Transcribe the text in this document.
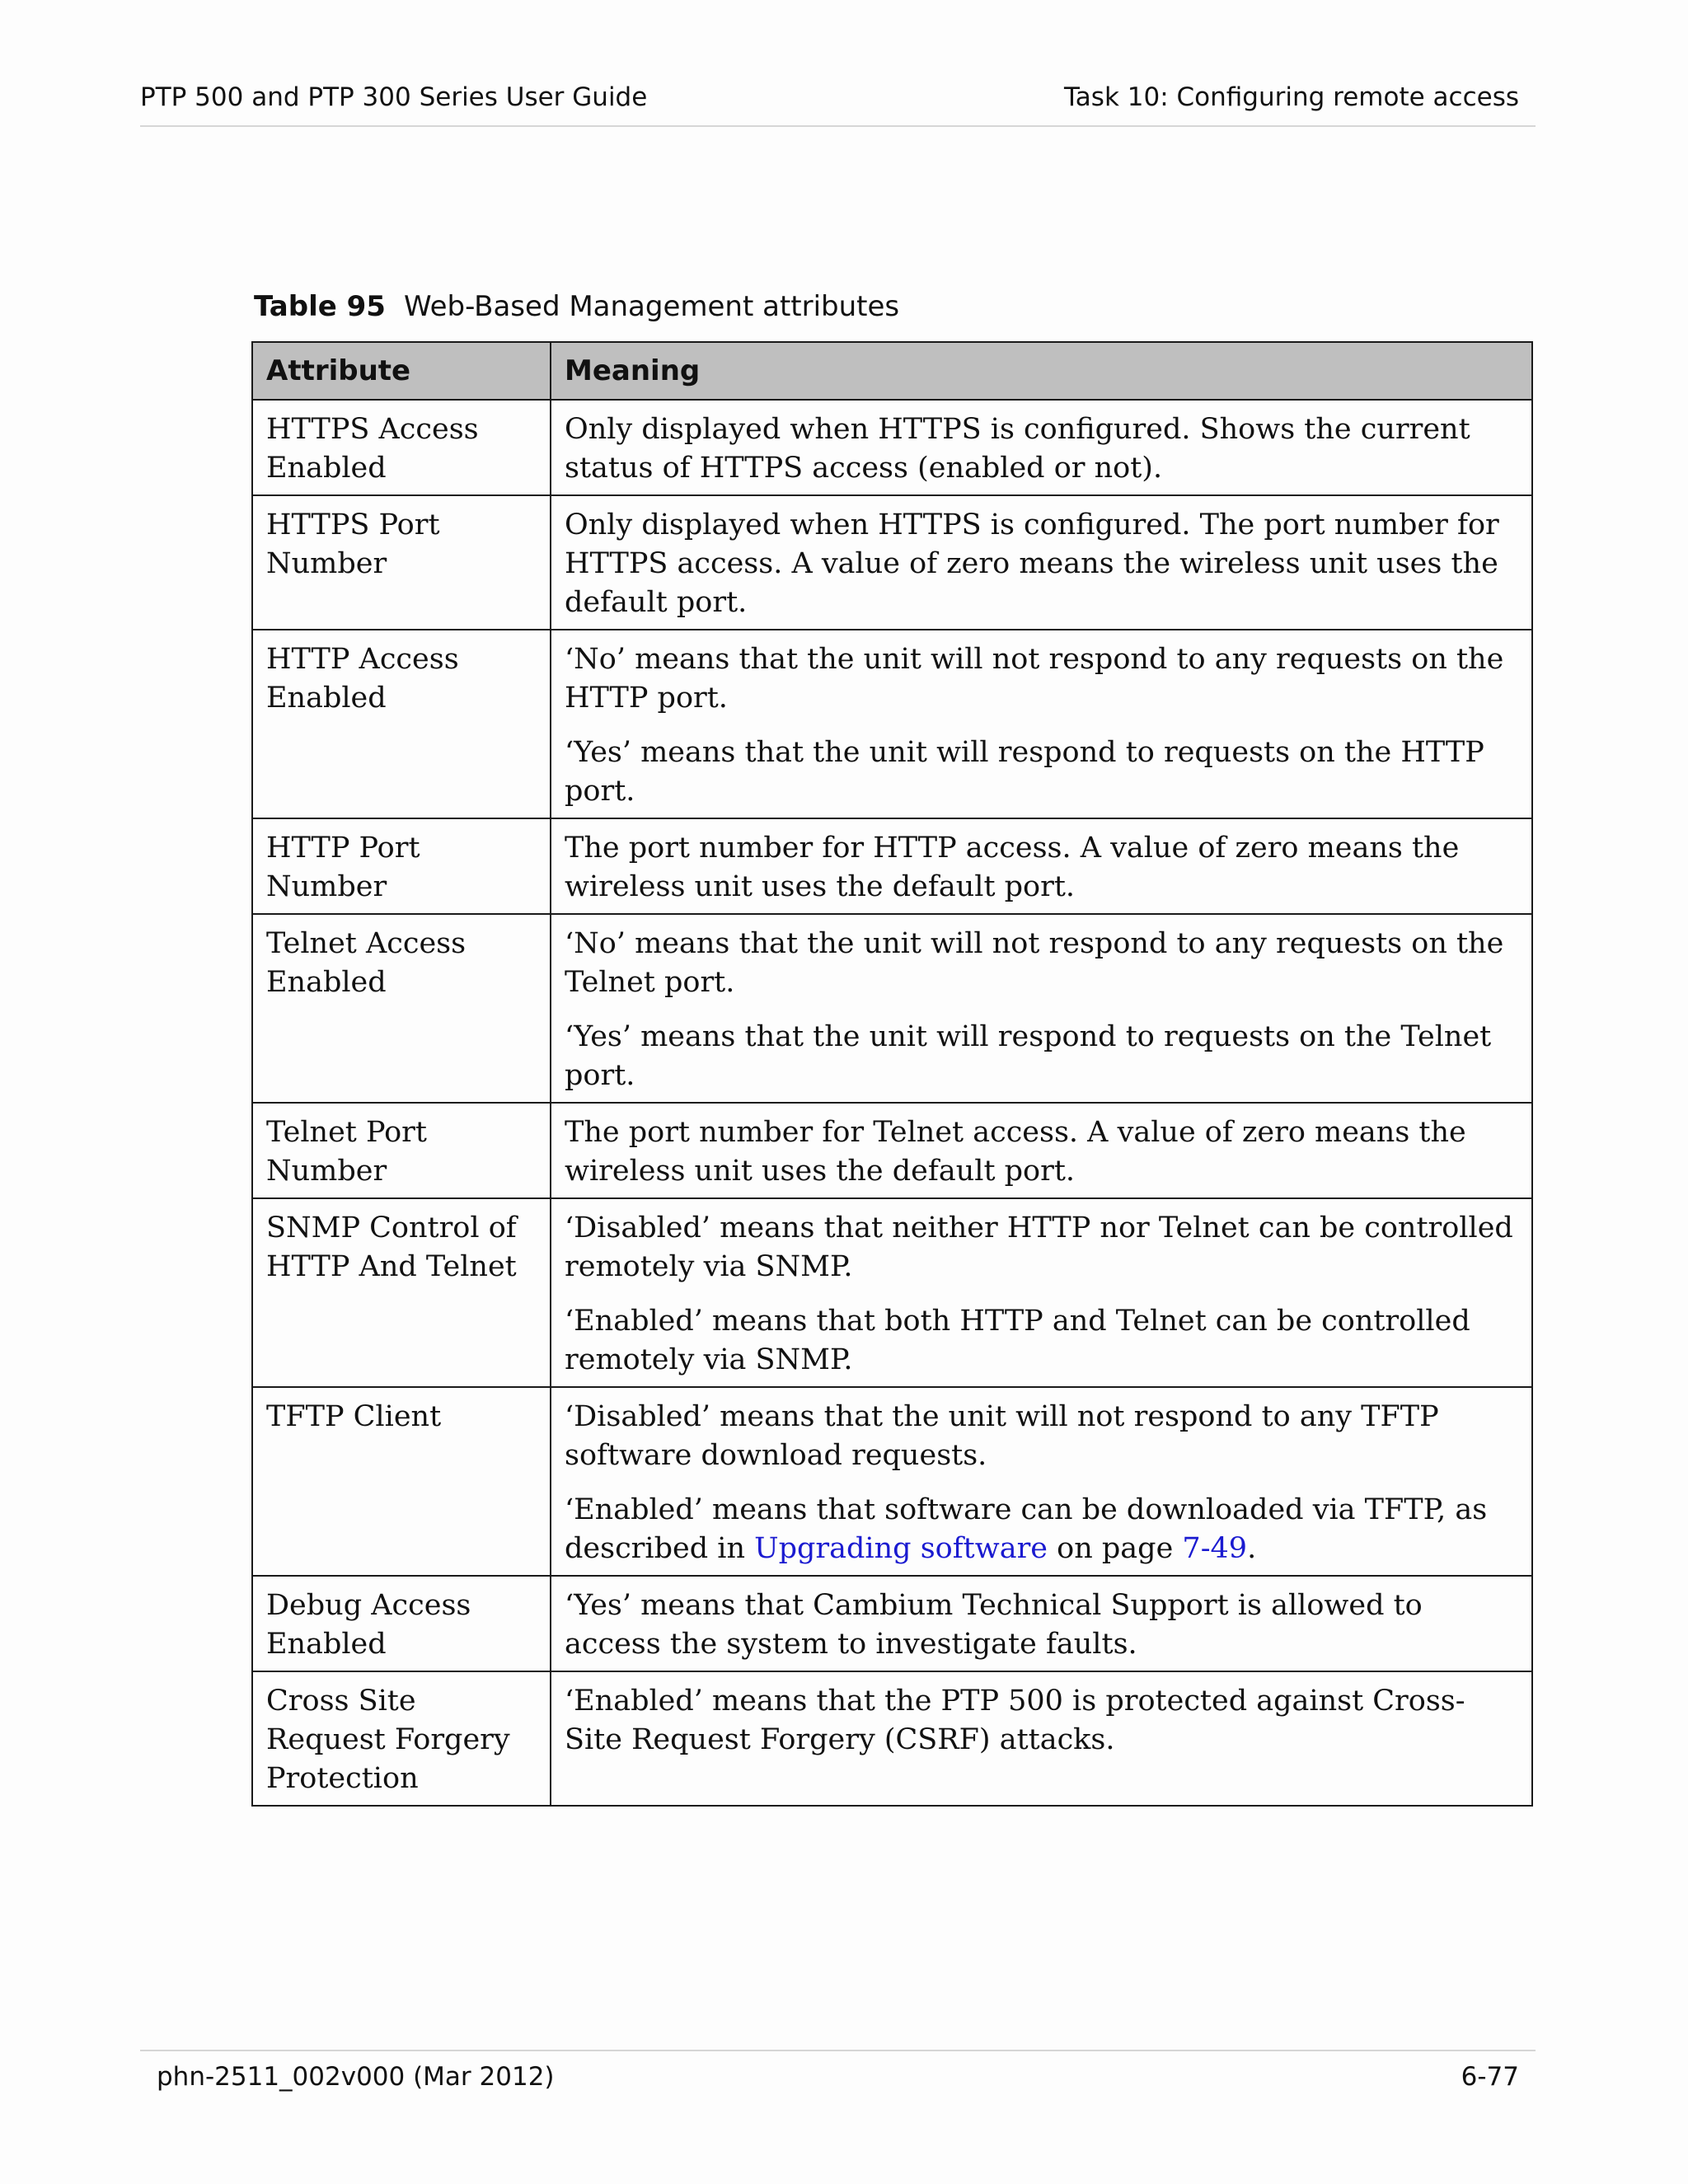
PTP 500 and PTP 300 Series User Guide	Task 10: Configuring remote access
Table 95 Web-Based Management attributes
Attribute	Meaning
HTTPS Access Enabled	Only displayed when HTTPS is configured. Shows the current status of HTTPS access (enabled or not).

HTTPS Port Number	Only displayed when HTTPS is configured. The port number for HTTPS access. A value of zero means the wireless unit uses the default port.

HTTP Access Enabled	‘No’ means that the unit will not respond to any requests on the HTTP port.

‘Yes’ means that the unit will respond to requests on the HTTP port.

HTTP Port Number	The port number for HTTP access. A value of zero means the wireless unit uses the default port.

Telnet Access Enabled	‘No’ means that the unit will not respond to any requests on the Telnet port.

‘Yes’ means that the unit will respond to requests on the Telnet port.

Telnet Port Number	The port number for Telnet access. A value of zero means the wireless unit uses the default port.

SNMP Control of HTTP And Telnet	‘Disabled’ means that neither HTTP nor Telnet can be controlled remotely via SNMP.

‘Enabled’ means that both HTTP and Telnet can be controlled remotely via SNMP.

TFTP Client	‘Disabled’ means that the unit will not respond to any TFTP software download requests.

‘Enabled’ means that software can be downloaded via TFTP, as described in Upgrading software on page 7-49.

Debug Access Enabled	‘Yes’ means that Cambium Technical Support is allowed to access the system to investigate faults.

Cross Site Request Forgery Protection	‘Enabled’ means that the PTP 500 is protected against Cross-Site Request Forgery (CSRF) attacks.

phn-2511_002v000 (Mar 2012)	6-77
